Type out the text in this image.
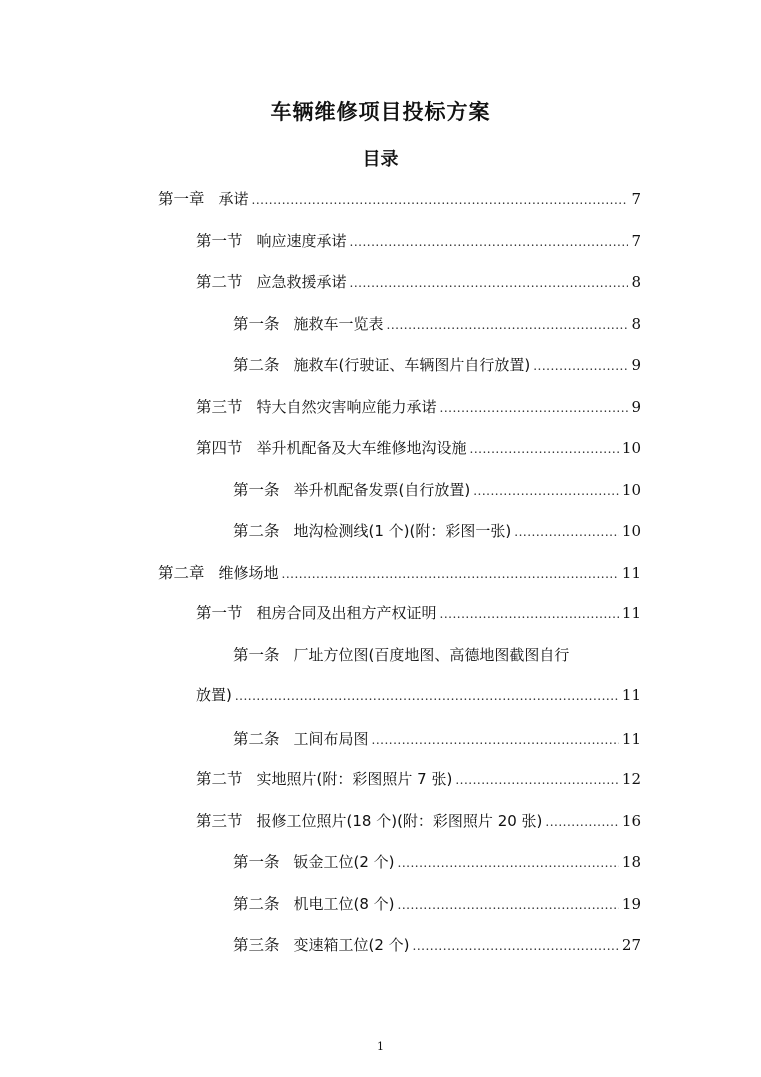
车辆维修项目投标方案
目录
第一章 承诺 .....	7
第一节 响应速度承诺 .....	7
第二节 应急救援承诺 .....	8
第一条 施救车一览表 .....	8
第二条 施救车(行驶证、车辆图片自行放置) .....	9
第三节 特大自然灾害响应能力承诺 .....	9
第四节 举升机配备及大车维修地沟设施 .....	10
第一条 举升机配备发票(自行放置) .....	10
第二条 地沟检测线(1 个)(附：彩图一张) .....	10
第二章 维修场地 .....	11
第一节 租房合同及出租方产权证明 .....	11
第一条 厂址方位图(百度地图、高德地图截图自行
放置) .....	11
第二条 工间布局图 .....	11
第二节 实地照片(附：彩图照片 7 张) .....	12
第三节 报修工位照片(18 个)(附：彩图照片 20 张) .....	16
第一条 钣金工位(2 个) .....	18
第二条 机电工位(8 个) .....	19
第三条 变速箱工位(2 个) .....	27
1
